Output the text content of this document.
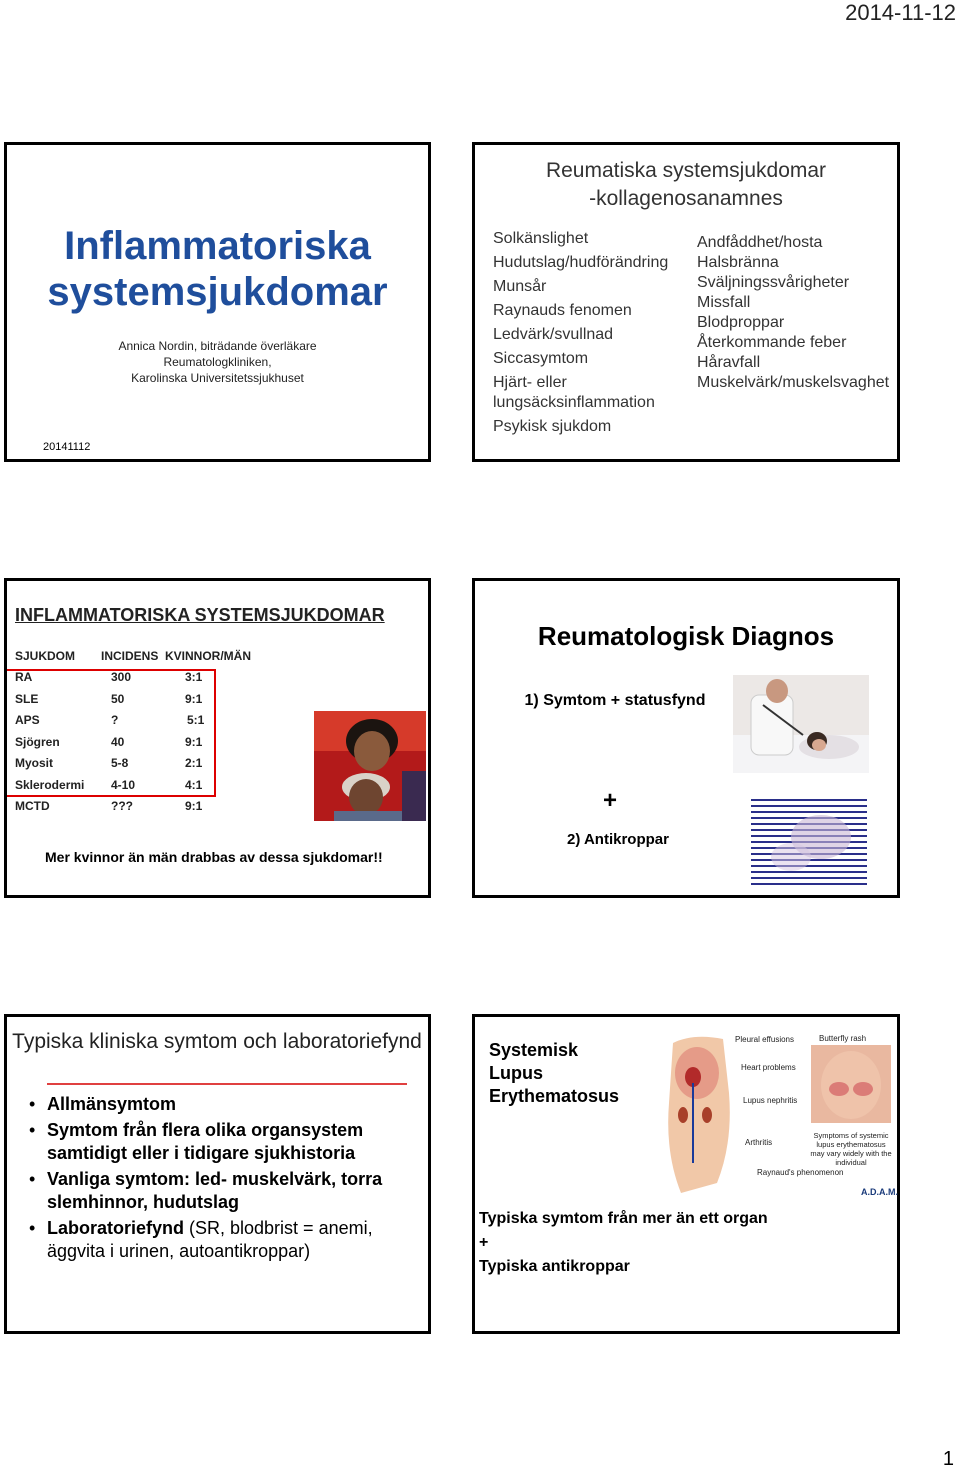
2014-11-12
Inflammatoriska
systemsjukdomar
Annica Nordin, biträdande överläkare
Reumatologkliniken,
Karolinska Universitetssjukhuset
20141112
Reumatiska systemsjukdomar
-kollagenosanamnes
Solkänslighet
Hudutslag/hudförändring
Munsår
Raynauds fenomen
Ledvärk/svullnad
Siccasymtom
Hjärt- eller lungsäcksinflammation
Psykisk sjukdom
Andfåddhet/hosta
Halsbränna
Sväljningssvårigheter
Missfall
Blodproppar
Återkommande feber
Håravfall
Muskelvärk/muskelsvaghet
INFLAMMATORISKA SYSTEMSJUKDOMAR
SJUKDOM	INCIDENS	KVINNOR/MÄN
RA	300	3:1
SLE	50	9:1
APS	?	5:1
Sjögren	40	9:1
Myosit	5-8	2:1
Sklerodermi	4-10	4:1
MCTD	???	9:1
Mer kvinnor än män drabbas av dessa sjukdomar!!
Reumatologisk Diagnos
1) Symtom + statusfynd
+
2) Antikroppar
Typiska kliniska symtom och laboratoriefynd
• Allmänsymtom
• Symtom från flera olika organsystem samtidigt eller i tidigare sjukhistoria
• Vanliga symtom: led- muskelvärk, torra slemhinnor, hudutslag
• Laboratoriefynd (SR, blodbrist = anemi, äggvita i urinen, autoantikroppar)
Systemisk
Lupus
Erythematosus
Pleural effusions
Heart problems
Lupus nephritis
Arthritis
Raynaud's phenomenon
Butterfly rash
Symptoms of systemic lupus erythematosus may vary widely with the individual
A.D.A.M.
Typiska symtom från mer än ett organ
+
Typiska antikroppar
1
